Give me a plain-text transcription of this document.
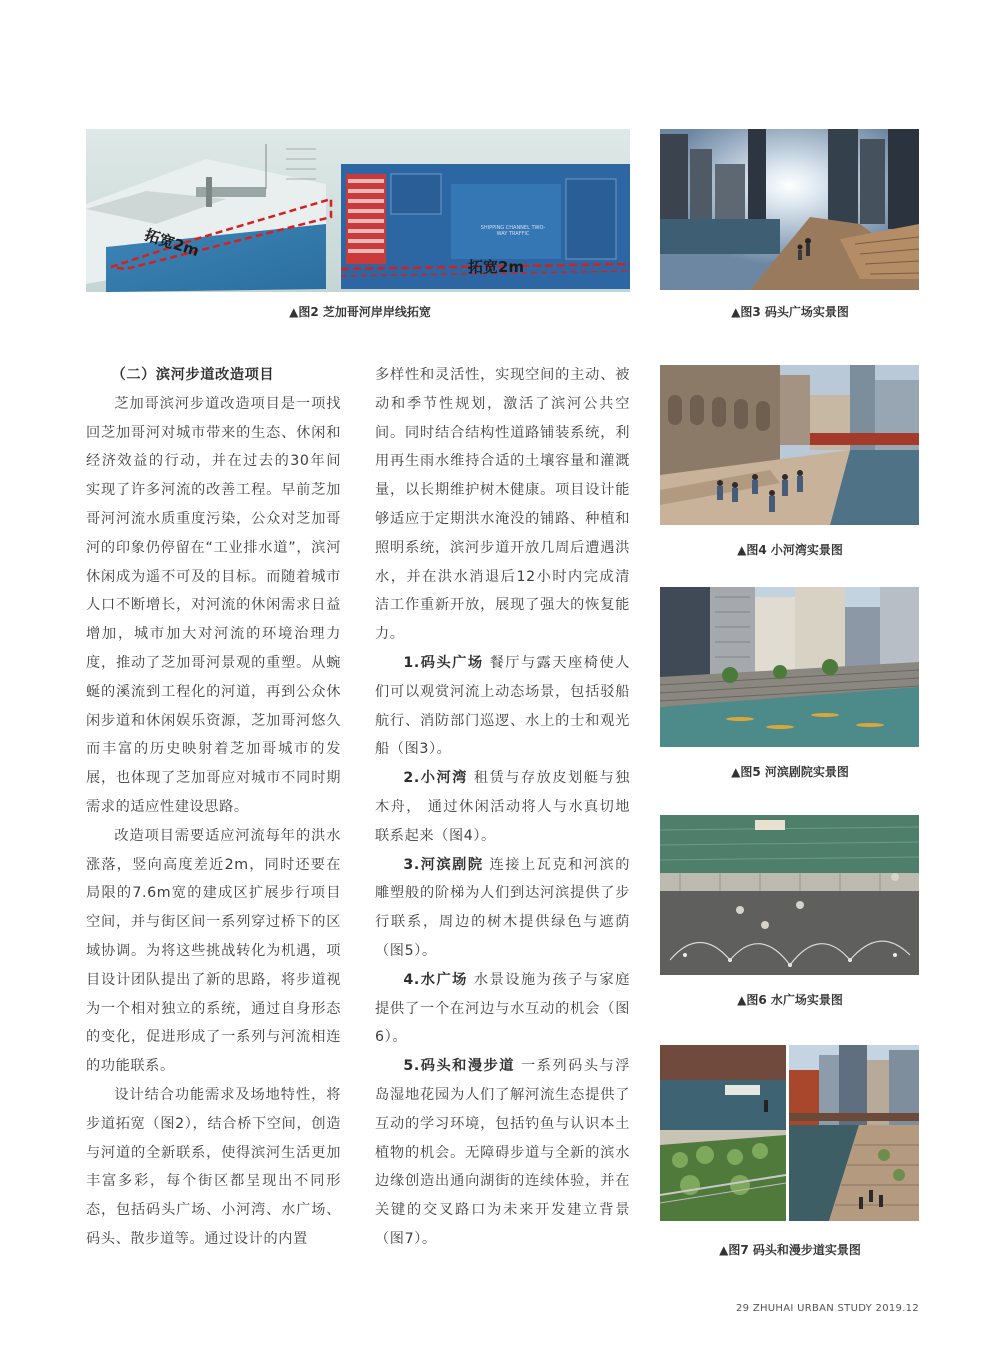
拓宽2m
拓宽2m
SHIPPING CHANNEL TWO-WAY TRAFFIC
▲图2 芝加哥河岸岸线拓宽	▲图3 码头广场实景图
▲图4 小河湾实景图
▲图5 河滨剧院实景图
▲图6 水广场实景图
▲图7 码头和漫步道实景图

（二）滨河步道改造项目

芝加哥滨河步道改造项目是一项找回芝加哥河对城市带来的生态、休闲和经济效益的行动，并在过去的30年间实现了许多河流的改善工程。早前芝加哥河河流水质重度污染，公众对芝加哥河的印象仍停留在“工业排水道”，滨河休闲成为遥不可及的目标。而随着城市人口不断增长，对河流的休闲需求日益增加，城市加大对河流的环境治理力度，推动了芝加哥河景观的重塑。从蜿蜒的溪流到工程化的河道，再到公众休闲步道和休闲娱乐资源，芝加哥河悠久而丰富的历史映射着芝加哥城市的发展，也体现了芝加哥应对城市不同时期需求的适应性建设思路。

改造项目需要适应河流每年的洪水涨落，竖向高度差近2m，同时还要在局限的7.6m宽的建成区扩展步行项目空间，并与街区间一系列穿过桥下的区域协调。为将这些挑战转化为机遇，项目设计团队提出了新的思路，将步道视为一个相对独立的系统，通过自身形态的变化，促进形成了一系列与河流相连的功能联系。

设计结合功能需求及场地特性，将步道拓宽（图2），结合桥下空间，创造与河道的全新联系，使得滨河生活更加丰富多彩，每个街区都呈现出不同形态，包括码头广场、小河湾、水广场、码头、散步道等。通过设计的内置

多样性和灵活性，实现空间的主动、被动和季节性规划，激活了滨河公共空间。同时结合结构性道路铺装系统，利用再生雨水维持合适的土壤容量和灌溉量，以长期维护树木健康。项目设计能够适应于定期洪水淹没的铺路、种植和照明系统，滨河步道开放几周后遭遇洪水，并在洪水消退后12小时内完成清洁工作重新开放，展现了强大的恢复能力。

1.码头广场 餐厅与露天座椅使人们可以观赏河流上动态场景，包括驳船航行、消防部门巡逻、水上的士和观光船（图3）。

2.小河湾 租赁与存放皮划艇与独木舟， 通过休闲活动将人与水真切地联系起来（图4）。

3.河滨剧院 连接上瓦克和河滨的雕塑般的阶梯为人们到达河滨提供了步行联系，周边的树木提供绿色与遮荫（图5）。

4.水广场 水景设施为孩子与家庭提供了一个在河边与水互动的机会（图6）。

5.码头和漫步道 一系列码头与浮岛湿地花园为人们了解河流生态提供了互动的学习环境，包括钓鱼与认识本土植物的机会。无障碍步道与全新的滨水边缘创造出通向湖街的连续体验，并在关键的交叉路口为未来开发建立背景（图7）。

29 ZHUHAI URBAN STUDY 2019.12
